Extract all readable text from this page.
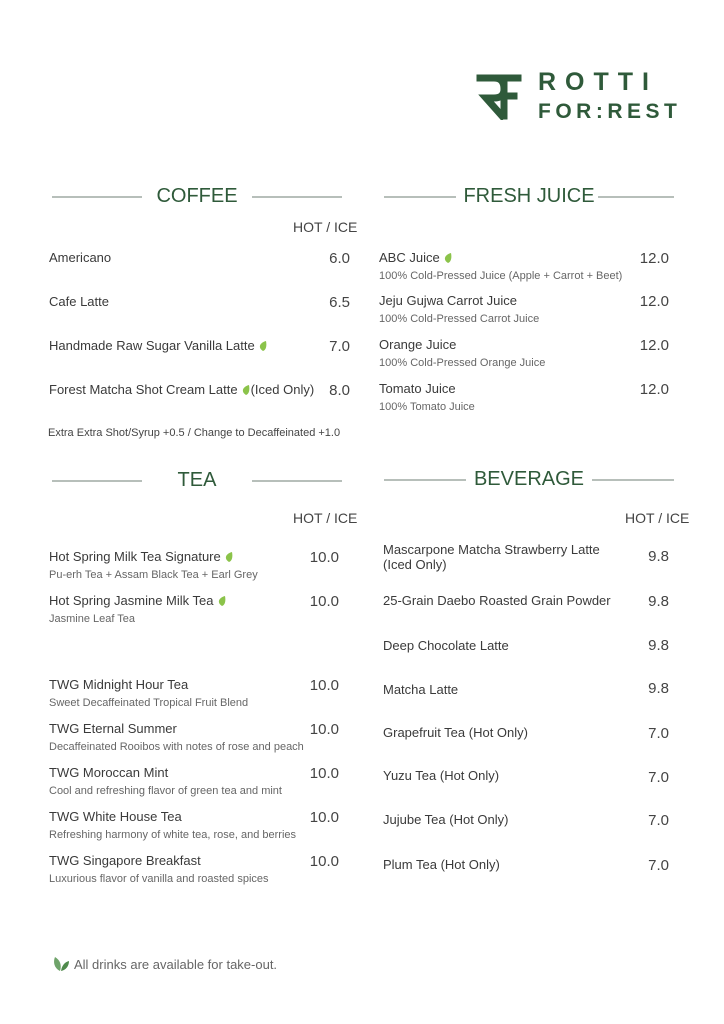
ROTTI
FOR:REST
COFFEE
HOT / ICE
Americano	6.0
Cafe Latte	6.5
Handmade Raw Sugar Vanilla Latte	7.0
Forest Matcha Shot Cream Latte (Iced Only) 8.0
Extra Extra Shot/Syrup +0.5 / Change to Decaffeinated +1.0
FRESH JUICE
ABC Juice
100% Cold-Pressed Juice (Apple + Carrot + Beet)
12.0
Jeju Gujwa Carrot Juice
100% Cold-Pressed Carrot Juice
12.0
Orange Juice
100% Cold-Pressed Orange Juice
12.0
Tomato Juice
100% Tomato Juice
12.0
TEA
HOT / ICE
Hot Spring Milk Tea Signature
Pu-erh Tea + Assam Black Tea + Earl Grey
10.0
Hot Spring Jasmine Milk Tea
Jasmine Leaf Tea
10.0
TWG Midnight Hour Tea
Sweet Decaffeinated Tropical Fruit Blend
10.0
TWG Eternal Summer
Decaffeinated Rooibos with notes of rose and peach
10.0
TWG Moroccan Mint
Cool and refreshing flavor of green tea and mint
10.0
TWG White House Tea
Refreshing harmony of white tea, rose, and berries
10.0
TWG Singapore Breakfast
Luxurious flavor of vanilla and roasted spices
10.0
BEVERAGE
HOT / ICE
Mascarpone Matcha Strawberry Latte
(Iced Only)	9.8
25-Grain Daebo Roasted Grain Powder	9.8
Deep Chocolate Latte	9.8
Matcha Latte	9.8
Grapefruit Tea (Hot Only)	7.0
Yuzu Tea (Hot Only)	7.0
Jujube Tea (Hot Only)	7.0
Plum Tea (Hot Only)	7.0
All drinks are available for take-out.
